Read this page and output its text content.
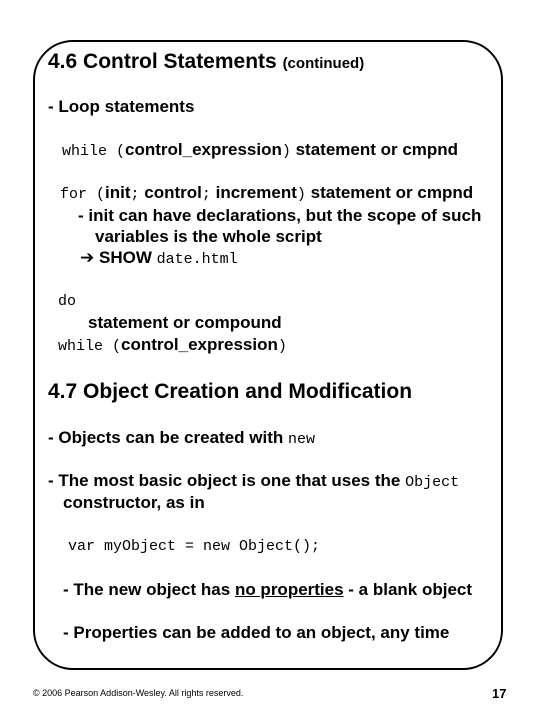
4.6 Control Statements (continued)
- Loop statements
while (control_expression) statement or cmpnd
for (init; control; increment) statement or cmpnd
- init can have declarations, but the scope of such
variables is the whole script
➔ SHOW date.html
do
statement or compound
while (control_expression)
4.7 Object Creation and Modification
- Objects can be created with new
- The most basic object is one that uses the Object
constructor, as in
var myObject = new Object();
- The new object has no properties - a blank object
- Properties can be added to an object, any time
© 2006 Pearson Addison-Wesley. All rights reserved.	17
